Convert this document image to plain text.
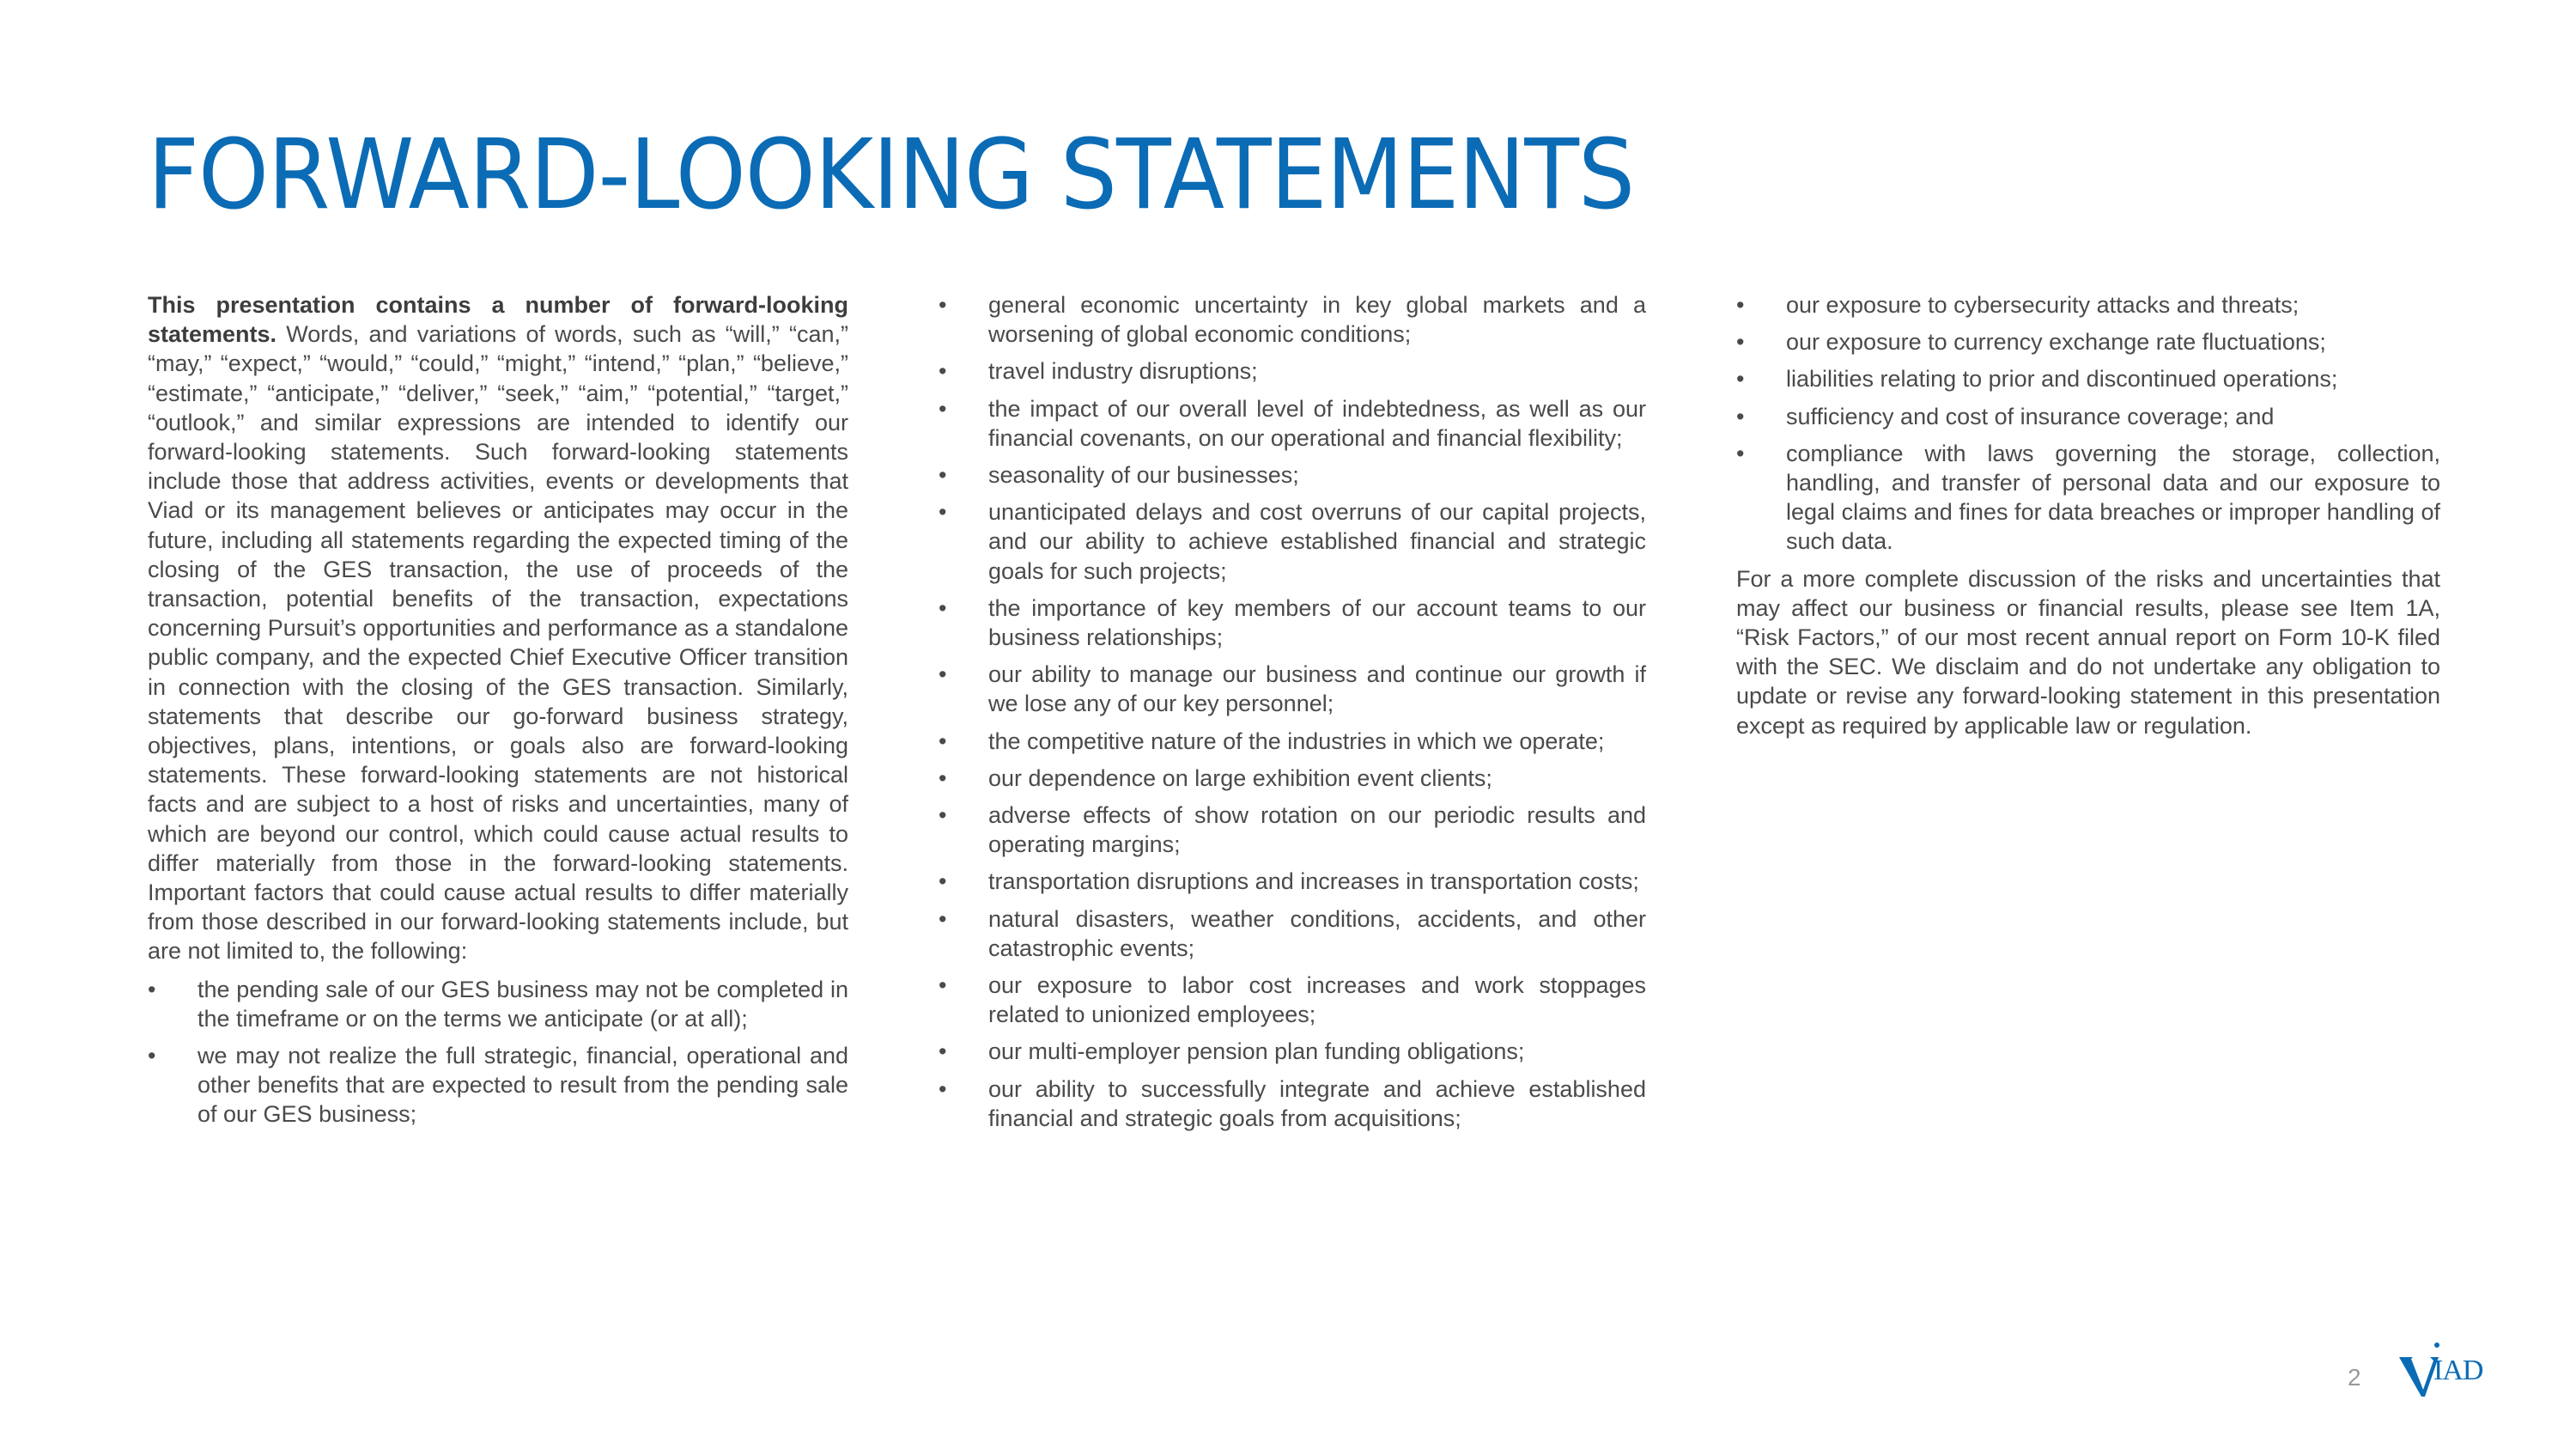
FORWARD-LOOKING STATEMENTS

This presentation contains a number of forward-looking statements. Words, and variations of words, such as “will,” “can,” “may,” “expect,” “would,” “could,” “might,” “intend,” “plan,” “believe,” “estimate,” “anticipate,” “deliver,” “seek,” “aim,” “potential,” “target,” “outlook,” and similar expressions are intended to identify our forward-looking statements. Such forward-looking statements include those that address activities, events or developments that Viad or its management believes or anticipates may occur in the future, including all statements regarding the expected timing of the closing of the GES transaction, the use of proceeds of the transaction, potential benefits of the transaction, expectations concerning Pursuit’s opportunities and performance as a standalone public company, and the expected Chief Executive Officer transition in connection with the closing of the GES transaction. Similarly, statements that describe our go-forward business strategy, objectives, plans, intentions, or goals also are forward-looking statements. These forward-looking statements are not historical facts and are subject to a host of risks and uncertainties, many of which are beyond our control, which could cause actual results to differ materially from those in the forward-looking statements. Important factors that could cause actual results to differ materially from those described in our forward-looking statements include, but are not limited to, the following:

•	the pending sale of our GES business may not be completed in the timeframe or on the terms we anticipate (or at all);
•	we may not realize the full strategic, financial, operational and other benefits that are expected to result from the pending sale of our GES business;
•	general economic uncertainty in key global markets and a worsening of global economic conditions;
•	travel industry disruptions;
•	the impact of our overall level of indebtedness, as well as our financial covenants, on our operational and financial flexibility;
•	seasonality of our businesses;
•	unanticipated delays and cost overruns of our capital projects, and our ability to achieve established financial and strategic goals for such projects;
•	the importance of key members of our account teams to our business relationships;
•	our ability to manage our business and continue our growth if we lose any of our key personnel;
•	the competitive nature of the industries in which we operate;
•	our dependence on large exhibition event clients;
•	adverse effects of show rotation on our periodic results and operating margins;
•	transportation disruptions and increases in transportation costs;
•	natural disasters, weather conditions, accidents, and other catastrophic events;
•	our exposure to labor cost increases and work stoppages related to unionized employees;
•	our multi-employer pension plan funding obligations;
•	our ability to successfully integrate and achieve established financial and strategic goals from acquisitions;
•	our exposure to cybersecurity attacks and threats;
•	our exposure to currency exchange rate fluctuations;
•	liabilities relating to prior and discontinued operations;
•	sufficiency and cost of insurance coverage; and
•	compliance with laws governing the storage, collection, handling, and transfer of personal data and our exposure to legal claims and fines for data breaches or improper handling of such data.

For a more complete discussion of the risks and uncertainties that may affect our business or financial results, please see Item 1A, “Risk Factors,” of our most recent annual report on Form 10-K filed with the SEC. We disclaim and do not undertake any obligation to update or revise any forward-looking statement in this presentation except as required by applicable law or regulation.

2 IAD
